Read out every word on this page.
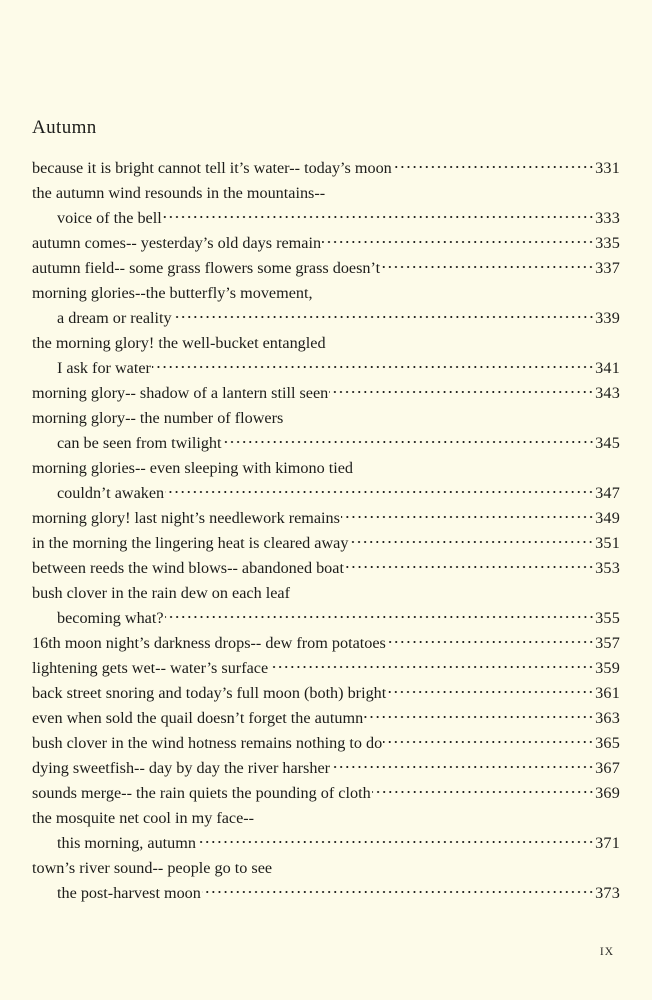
Autumn
because it is bright cannot tell it’s water-- today’s moon	331
the autumn wind resounds in the mountains--
voice of the bell	333
autumn comes-- yesterday’s old days remain	335
autumn field-- some grass flowers some grass doesn’t	337
morning glories--the butterfly’s movement,
a dream or reality	339
the morning glory! the well-bucket entangled
I ask for water	341
morning glory-- shadow of a lantern still seen	343
morning glory-- the number of flowers
can be seen from twilight	345
morning glories-- even sleeping with kimono tied
couldn’t awaken	347
morning glory! last night’s needlework remains	349
in the morning the lingering heat is cleared away	351
between reeds the wind blows-- abandoned boat	353
bush clover in the rain dew on each leaf
becoming what?	355
16th moon night’s darkness drops-- dew from potatoes	357
lightening gets wet-- water’s surface	359
back street snoring and today’s full moon (both) bright	361
even when sold the quail doesn’t forget the autumn	363
bush clover in the wind hotness remains nothing to do	365
dying sweetfish-- day by day the river harsher	367
sounds merge-- the rain quiets the pounding of cloth	369
the mosquite net cool in my face--
this morning, autumn	371
town’s river sound-- people go to see
the post-harvest moon	373
IX
